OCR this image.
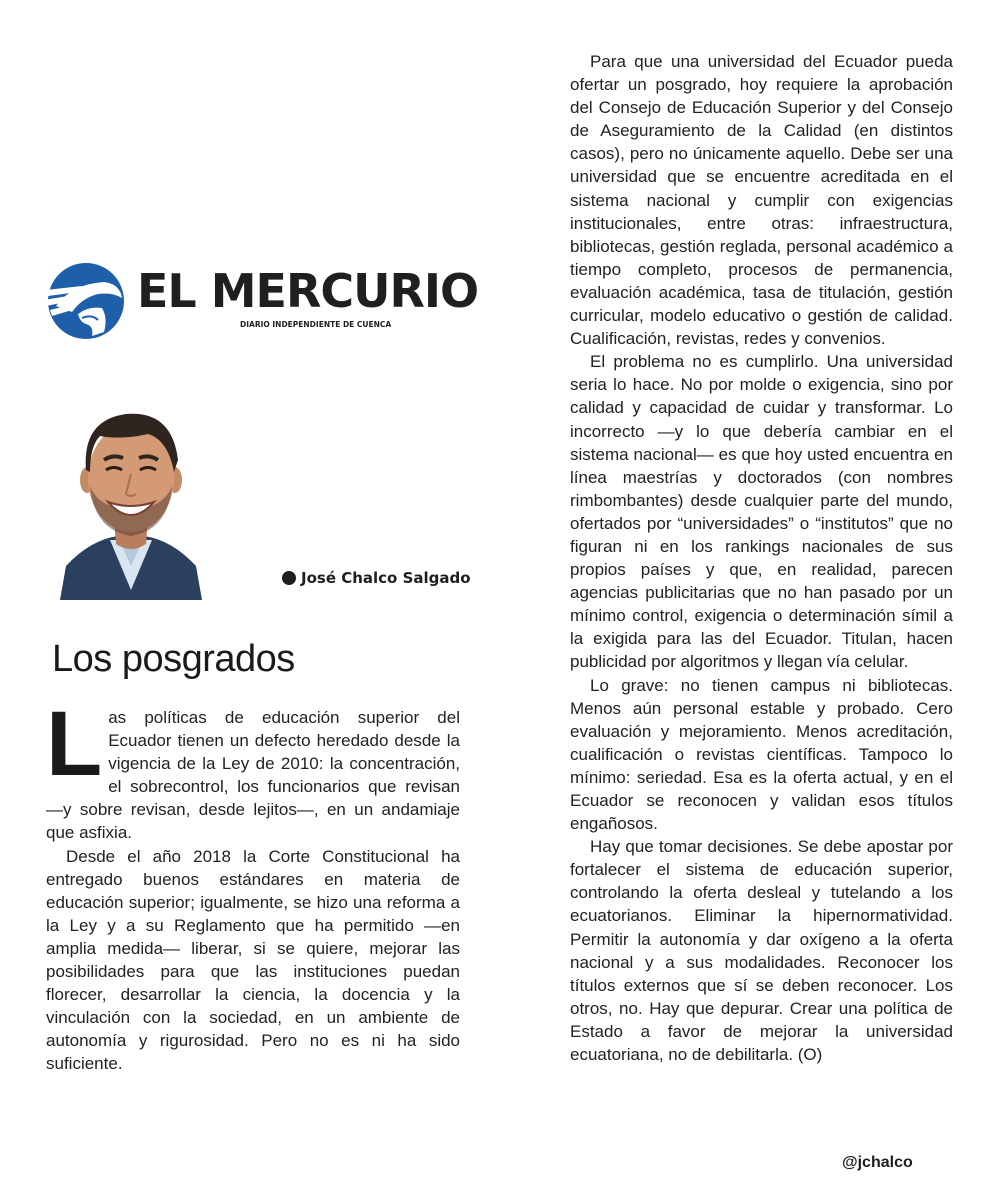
EL MERCURIO
DIARIO INDEPENDIENTE DE CUENCA
José Chalco Salgado
Los posgrados

Las políticas de educación superior del Ecuador tienen un defecto heredado desde la vigencia de la Ley de 2010: la concentración, el sobrecontrol, los funcionarios que revisan —y sobre revisan, desde lejitos—, en un andamiaje que asfixia.

Desde el año 2018 la Corte Constitucional ha entregado buenos estándares en materia de educación superior; igualmente, se hizo una reforma a la Ley y a su Reglamento que ha permitido —en amplia medida— liberar, si se quiere, mejorar las posibilidades para que las instituciones puedan florecer, desarrollar la ciencia, la docencia y la vinculación con la sociedad, en un ambiente de autonomía y rigurosidad. Pero no es ni ha sido suficiente.

Para que una universidad del Ecuador pueda ofertar un posgrado, hoy requiere la aprobación del Consejo de Educación Superior y del Consejo de Aseguramiento de la Calidad (en distintos casos), pero no únicamente aquello. Debe ser una universidad que se encuentre acreditada en el sistema nacional y cumplir con exigencias institucionales, entre otras: infraestructura, bibliotecas, gestión reglada, personal académico a tiempo completo, procesos de permanencia, evaluación académica, tasa de titulación, gestión curricular, modelo educativo o gestión de calidad. Cualificación, revistas, redes y convenios.

El problema no es cumplirlo. Una universidad seria lo hace. No por molde o exigencia, sino por calidad y capacidad de cuidar y transformar. Lo incorrecto —y lo que debería cambiar en el sistema nacional— es que hoy usted encuentra en línea maestrías y doctorados (con nombres rimbombantes) desde cualquier parte del mundo, ofertados por “universidades” o “institutos” que no figuran ni en los rankings nacionales de sus propios países y que, en realidad, parecen agencias publicitarias que no han pasado por un mínimo control, exigencia o determinación símil a la exigida para las del Ecuador. Titulan, hacen publicidad por algoritmos y llegan vía celular.

Lo grave: no tienen campus ni bibliotecas. Menos aún personal estable y probado. Cero evaluación y mejoramiento. Menos acreditación, cualificación o revistas científicas. Tampoco lo mínimo: seriedad. Esa es la oferta actual, y en el Ecuador se reconocen y validan esos títulos engañosos.

Hay que tomar decisiones. Se debe apostar por fortalecer el sistema de educación superior, controlando la oferta desleal y tutelando a los ecuatorianos. Eliminar la hipernormatividad. Permitir la autonomía y dar oxígeno a la oferta nacional y a sus modalidades. Reconocer los títulos externos que sí se deben reconocer. Los otros, no. Hay que depurar. Crear una política de Estado a favor de mejorar la universidad ecuatoriana, no de debilitarla. (O)

@jchalco
